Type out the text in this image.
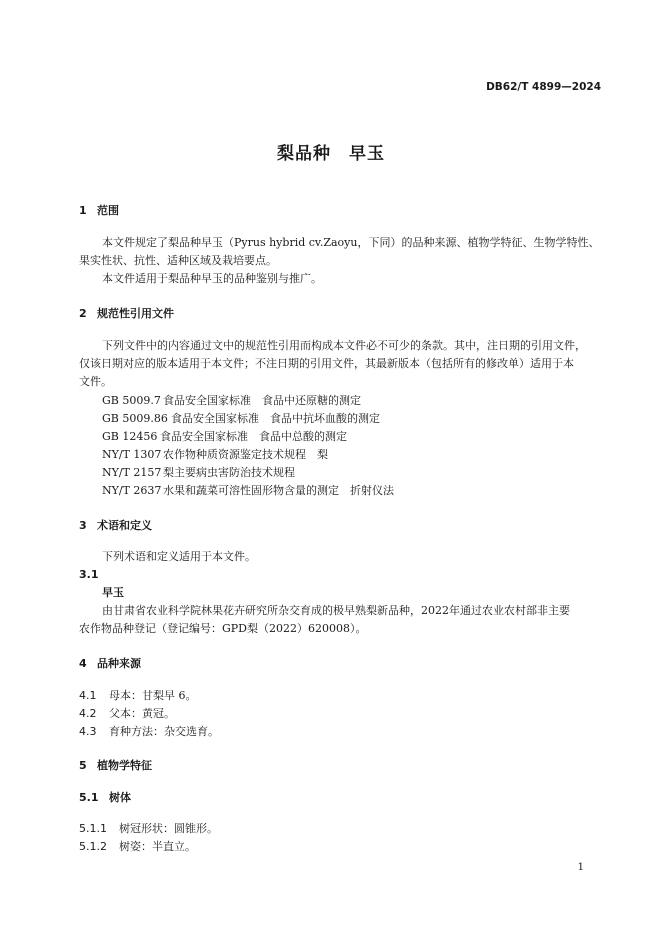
DB62/T 4899—2024
梨品种　早玉
1 范围
本文件规定了梨品种早玉（Pyrus hybrid cv.Zaoyu，下同）的品种来源、植物学特征、生物学特性、
果实性状、抗性、适种区域及栽培要点。
本文件适用于梨品种早玉的品种鉴别与推广。
2 规范性引用文件
下列文件中的内容通过文中的规范性引用而构成本文件必不可少的条款。其中，注日期的引用文件，
仅该日期对应的版本适用于本文件；不注日期的引用文件，其最新版本（包括所有的修改单）适用于本
文件。
GB 5009.7 食品安全国家标准　食品中还原糖的测定
GB 5009.86 食品安全国家标准　食品中抗坏血酸的测定
GB 12456 食品安全国家标准　食品中总酸的测定
NY/T 1307 农作物种质资源鉴定技术规程　梨
NY/T 2157 梨主要病虫害防治技术规程
NY/T 2637 水果和蔬菜可溶性固形物含量的测定　折射仪法
3 术语和定义
下列术语和定义适用于本文件。
3.1
早玉
由甘肃省农业科学院林果花卉研究所杂交育成的极早熟梨新品种，2022年通过农业农村部非主要
农作物品种登记（登记编号：GPD梨（2022）620008）。
4 品种来源
4.1 母本：甘梨早 6。
4.2 父本：黄冠。
4.3 育种方法：杂交选育。
5 植物学特征
5.1 树体
5.1.1 树冠形状：圆锥形。
5.1.2 树姿：半直立。
1
